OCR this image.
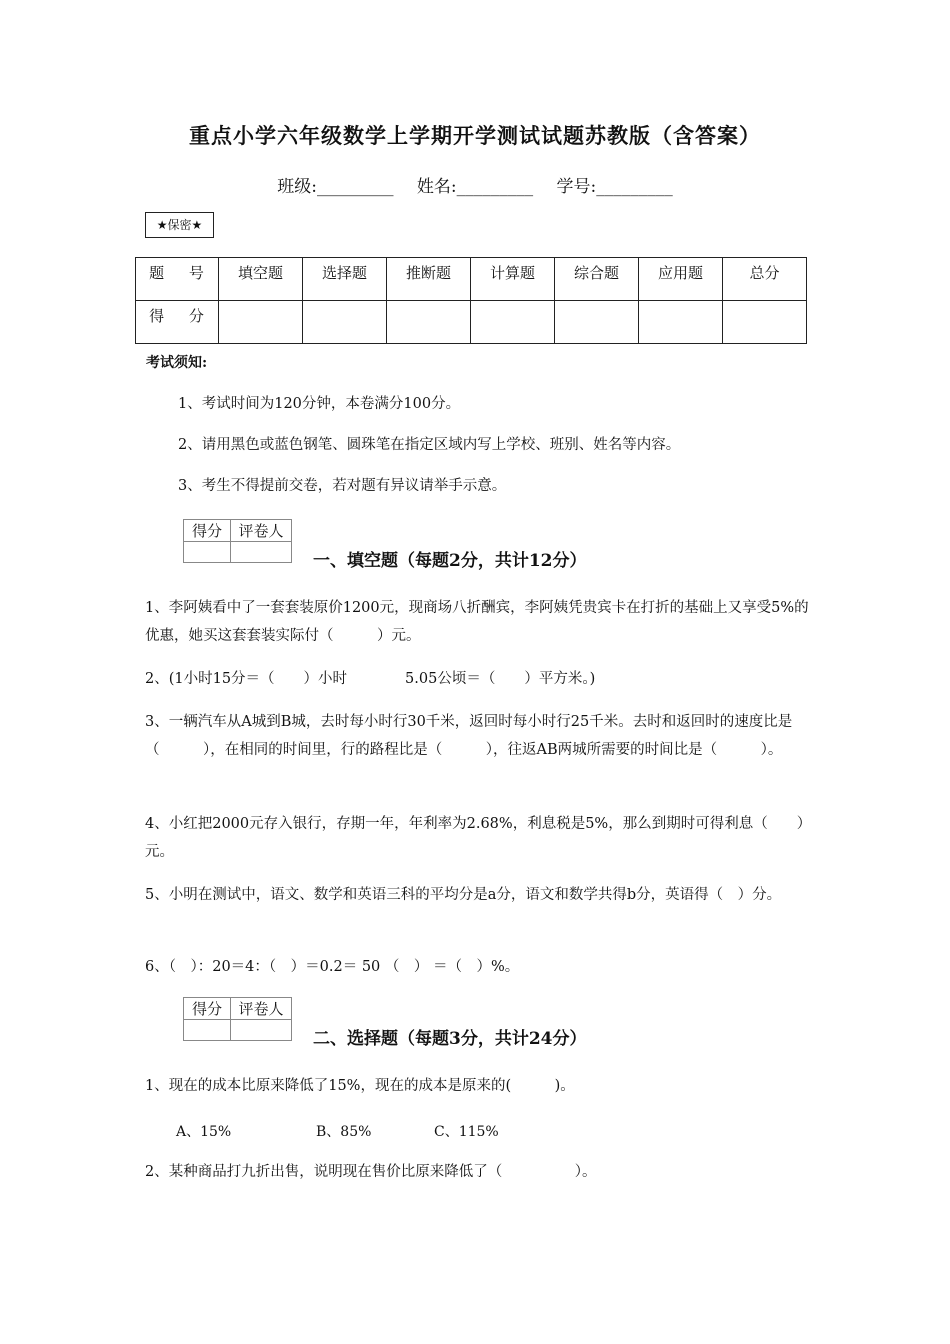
重点小学六年级数学上学期开学测试试题苏教版（含答案）
班级:_________ 姓名:_________ 学号:_________
★保密★
题 号	填空题	选择题	推断题	计算题	综合题	应用题	总分
得 分							
考试须知:
1、考试时间为120分钟，本卷满分100分。
2、请用黑色或蓝色钢笔、圆珠笔在指定区域内写上学校、班别、姓名等内容。
3、考生不得提前交卷，若对题有异议请举手示意。
得分	评卷人

一、填空题（每题2分，共计12分）
1、李阿姨看中了一套套装原价1200元，现商场八折酬宾，李阿姨凭贵宾卡在打折的基础上又享受5%的优惠，她买这套套装实际付（　　　）元。
2、(1小时15分＝（　　）小时　　　　5.05公顷＝（　　）平方米。)
3、一辆汽车从A城到B城，去时每小时行30千米，返回时每小时行25千米。去时和返回时的速度比是（　　　），在相同的时间里，行的路程比是（　　　），往返AB两城所需要的时间比是（　　　）。
4、小红把2000元存入银行，存期一年，年利率为2.68%，利息税是5%，那么到期时可得利息（　　）元。
5、小明在测试中，语文、数学和英语三科的平均分是a分，语文和数学共得b分，英语得（　）分。
6、（　）：20＝4：（　）＝0.2＝ 50 （　） ＝（　）%。
得分	评卷人

二、选择题（每题3分，共计24分）
1、现在的成本比原来降低了15%，现在的成本是原来的(　　　)。
A、15%	B、85%	C、115%
2、某种商品打九折出售，说明现在售价比原来降低了（　　　　　）。
